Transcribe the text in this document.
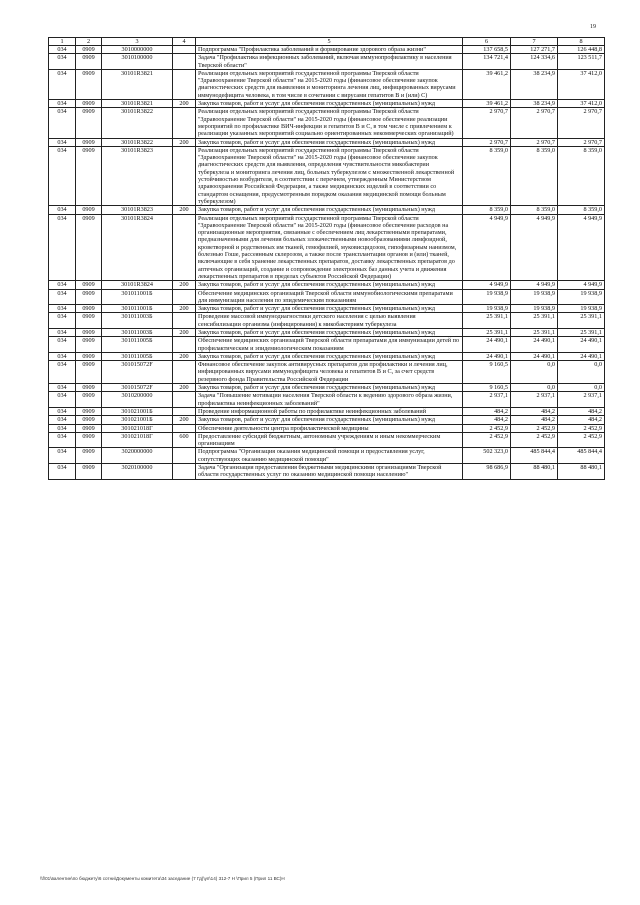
19
1	2	3	4	5	6	7	8
034	0909	3010000000		Подпрограмма "Профилактика заболеваний и формирование здорового образа жизни"	137 658,5	127 271,7	126 448,8
034	0909	3010100000		Задача "Профилактика инфекционных заболеваний, включая иммунопрофилактику в населения Тверской области"	134 721,4	124 334,6	123 511,7
034	0909	30101R3821		Реализация отдельных мероприятий государственной программы Тверской области "Здравоохранение Тверской области" на 2015-2020 годы (финансовое обеспечение закупок диагностических средств для выявления и мониторинга лечения лиц, инфицированных вирусами иммунодефицита человека, в том числе в сочетании с вирусами гепатитов В и (или) С)	39 461,2	38 234,9	37 412,0
034	0909	30101R3821	200	Закупка товаров, работ и услуг для обеспечения государственных (муниципальных) нужд	39 461,2	38 234,9	37 412,0
034	0909	30101R3822		Реализация отдельных мероприятий государственной программы Тверской области "Здравоохранение Тверской области" на 2015-2020 годы (финансовое обеспечение реализации мероприятий по профилактике ВИЧ-инфекции и гепатитов В и С, в том числе с привлечением к реализации указанных мероприятий социально ориентированных некоммерческих организаций)	2 970,7	2 970,7	2 970,7
034	0909	30101R3822	200	Закупка товаров, работ и услуг для обеспечения государственных (муниципальных) нужд	2 970,7	2 970,7	2 970,7
034	0909	30101R3823		Реализация отдельных мероприятий государственной программы Тверской области "Здравоохранение Тверской области" на 2015-2020 годы (финансовое обеспечение закупок диагностических средств для выявления, определения чувствительности микобактерии туберкулеза и мониторинга лечения лиц, больных туберкулезом с множественной лекарственной устойчивостью возбудителя, в соответствии с перечнем, утвержденным Министерством здравоохранения Российской Федерации, а также медицинских изделий в соответствии со стандартом оснащения, предусмотренным порядком оказания медицинской помощи больным туберкулезом)	8 359,0	8 359,0	8 359,0
034	0909	30101R3823	200	Закупка товаров, работ и услуг для обеспечения государственных (муниципальных) нужд	8 359,0	8 359,0	8 359,0
034	0909	30101R3824		Реализация отдельных мероприятий государственной программы Тверской области "Здравоохранение Тверской области" на 2015-2020 годы (финансовое обеспечение расходов на организационные мероприятия, связанные с обеспечением лиц лекарственными препаратами, предназначенными для лечения больных злокачественными новообразованиями лимфоидной, кроветворной и родственных им тканей, гемофилией, муковисцидозом, гипофизарным нанизмом, болезнью Гоше, рассеянным склерозом, а также после трансплантации органов и (или) тканей, включающие в себя хранение лекарственных препаратов, доставку лекарственных препаратов до аптечных организаций, создание и сопровождение электронных баз данных учета и движения лекарственных препаратов в пределах субъектов Российской Федерации)	4 949,9	4 949,9	4 949,9
034	0909	30101R3824	200	Закупка товаров, работ и услуг для обеспечения государственных (муниципальных) нужд	4 949,9	4 949,9	4 949,9
034	0909	301011001Б		Обеспечение медицинских организаций Тверской области иммунобиологическими препаратами для иммунизации населения по эпидемическим показаниям	19 938,9	19 938,9	19 938,9
034	0909	301011001Б	200	Закупка товаров, работ и услуг для обеспечения государственных (муниципальных) нужд	19 938,9	19 938,9	19 938,9
034	0909	301011003Б		Проведение массовой иммунодиагностики детского населения с целью выявления сенсибилизации организма (инфицирования) к микобактериям туберкулеза	25 391,1	25 391,1	25 391,1
034	0909	301011003Б	200	Закупка товаров, работ и услуг для обеспечения государственных (муниципальных) нужд	25 391,1	25 391,1	25 391,1
034	0909	301011005Б		Обеспечение медицинских организаций Тверской области препаратами для иммунизации детей по профилактическим и эпидемиологическим показаниям	24 490,1	24 490,1	24 490,1
034	0909	301011005Б	200	Закупка товаров, работ и услуг для обеспечения государственных (муниципальных) нужд	24 490,1	24 490,1	24 490,1
034	0909	301015072F		Финансовое обеспечение закупок антивирусных препаратов для профилактики и лечения лиц, инфицированных вирусами иммунодефицита человека и гепатитов В и С, за счет средств резервного фонда Правительства Российской Федерации	9 160,5	0,0	0,0
034	0909	301015072F	200	Закупка товаров, работ и услуг для обеспечения государственных (муниципальных) нужд	9 160,5	0,0	0,0
034	0909	3010200000		Задача "Повышение мотивации населения Тверской области к ведению здорового образа жизни, профилактика неинфекционных заболеваний"	2 937,1	2 937,1	2 937,1
034	0909	301021001Б		Проведение информационной работы по профилактике неинфекционных заболеваний	484,2	484,2	484,2
034	0909	301021001Б	200	Закупка товаров, работ и услуг для обеспечения государственных (муниципальных) нужд	484,2	484,2	484,2
034	0909	301021018Г		Обеспечение деятельности центра профилактической медицины	2 452,9	2 452,9	2 452,9
034	0909	301021018Г	600	Предоставление субсидий бюджетным, автономным учреждениям и иным некоммерческим организациям	2 452,9	2 452,9	2 452,9
034	0909	3020000000		Подпрограмма "Организация оказания медицинской помощи и предоставления услуг, сопутствующих оказанию медицинской помощи"	502 323,0	485 844,4	485 844,4
034	0909	3020100000		Задача "Организация предоставления бюджетными медицинскими организациями Тверской области государственных услуг по оказанию медицинской помощи населению"	98 686,9	88 480,1	88 480,1
\\f\01\валентин\по бюджету\6 сотни\Документы комитета\34 заседание (7 Гд)\уп\14) 312-7 Н \Прил 5 (Прил 11 ВС)Н
